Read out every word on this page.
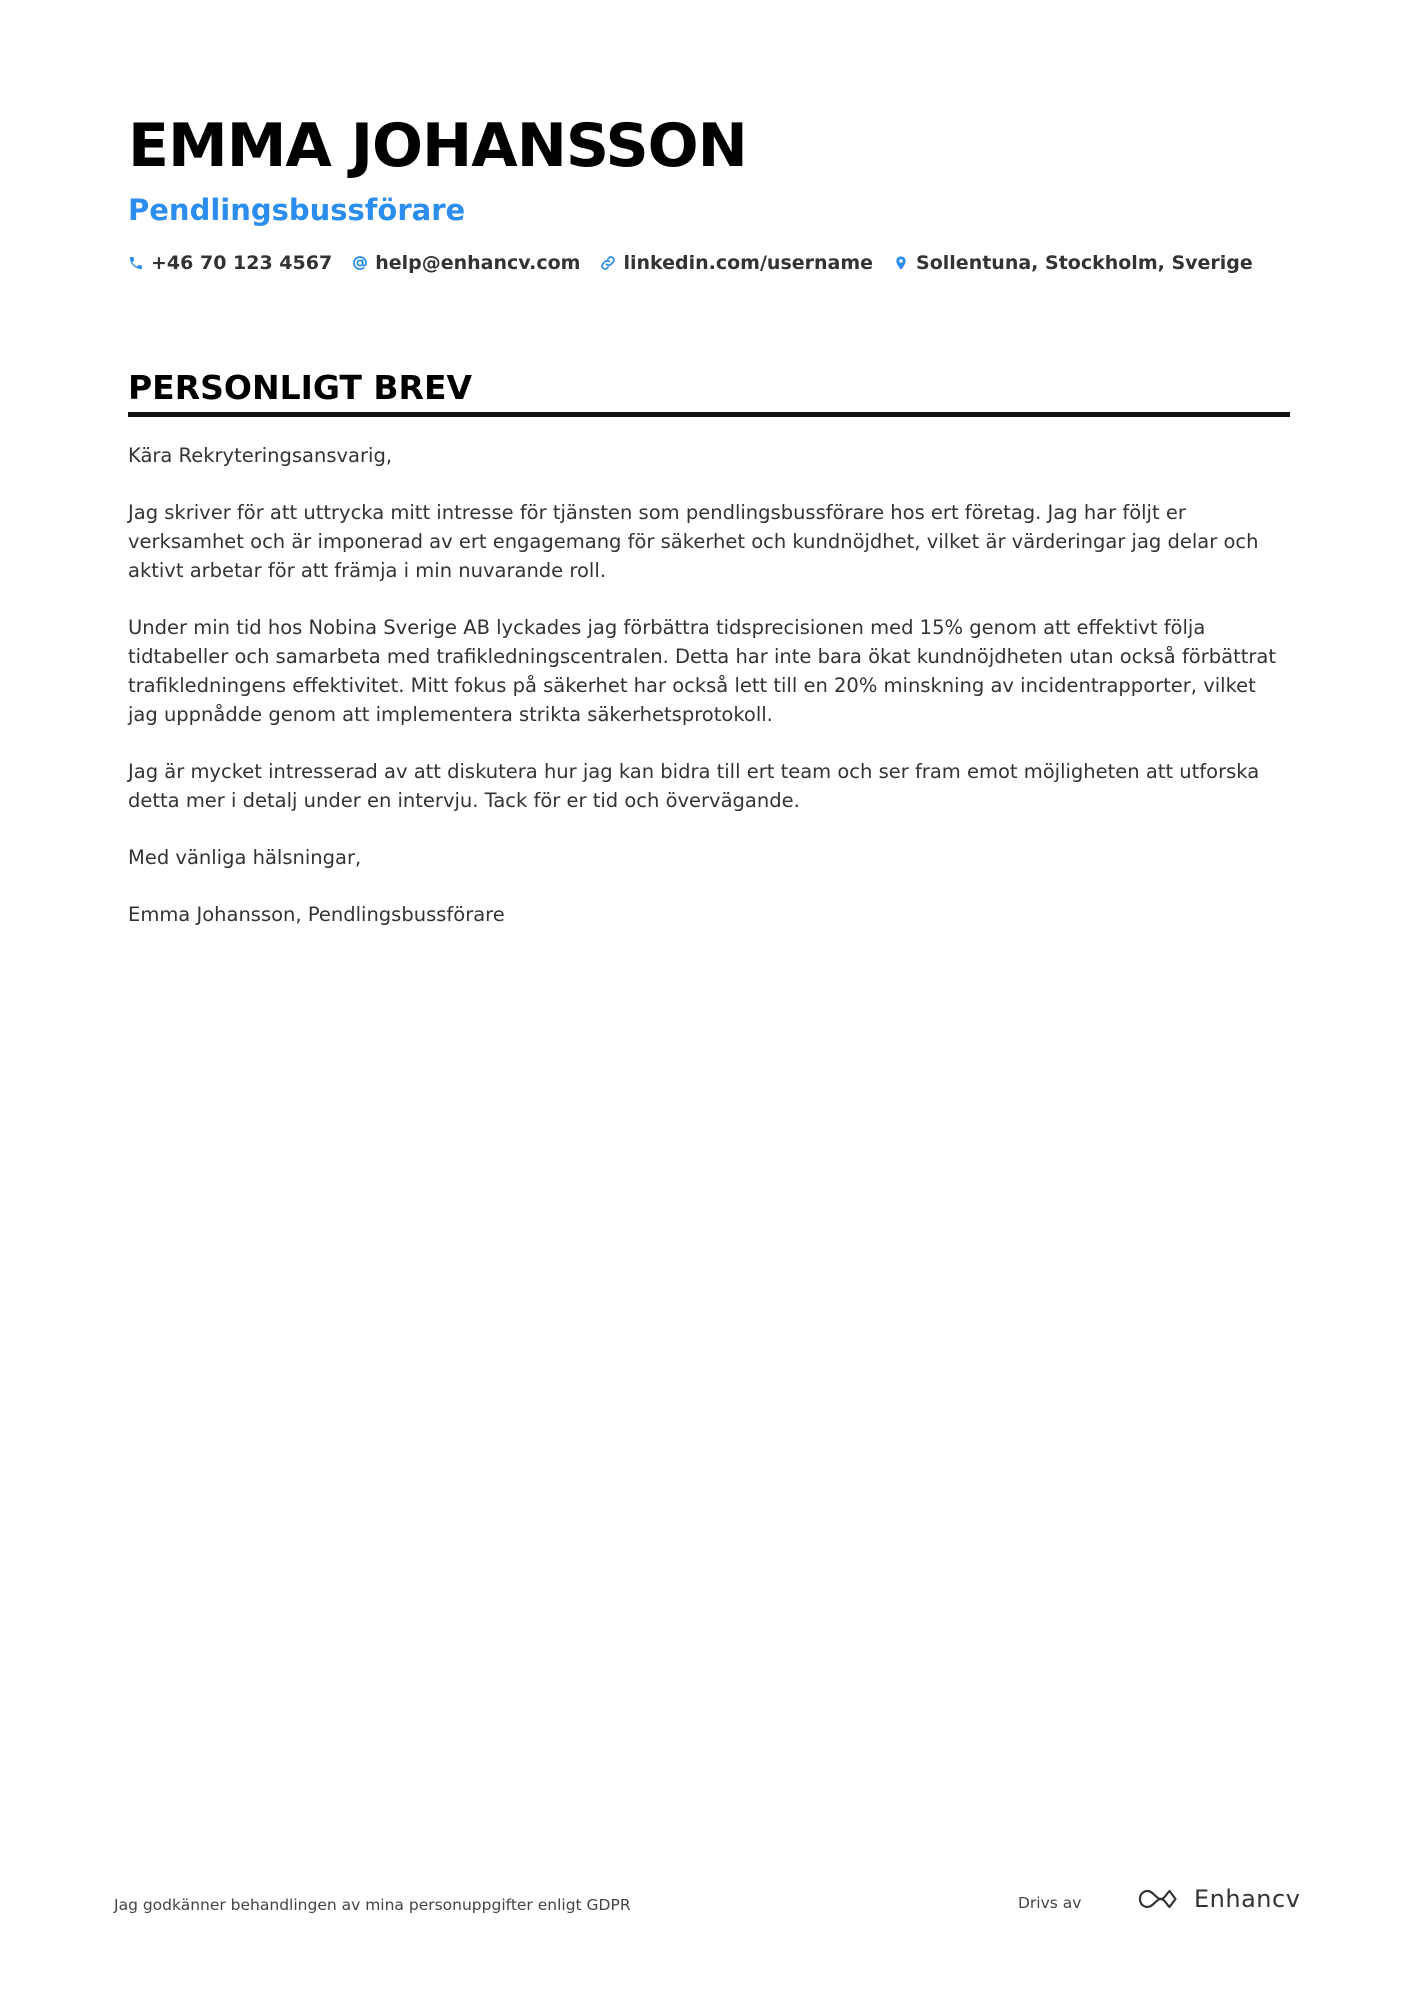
EMMA JOHANSSON
Pendlingsbussförare
+46 70 123 4567 help@enhancv.com linkedin.com/username Sollentuna, Stockholm, Sverige
PERSONLIGT BREV

Kära Rekryteringsansvarig,

Jag skriver för att uttrycka mitt intresse för tjänsten som pendlingsbussförare hos ert företag. Jag har följt er verksamhet och är imponerad av ert engagemang för säkerhet och kundnöjdhet, vilket är värderingar jag delar och aktivt arbetar för att främja i min nuvarande roll.

Under min tid hos Nobina Sverige AB lyckades jag förbättra tidsprecisionen med 15% genom att effektivt följa tidtabeller och samarbeta med trafikledningscentralen. Detta har inte bara ökat kundnöjdheten utan också förbättrat trafikledningens effektivitet. Mitt fokus på säkerhet har också lett till en 20% minskning av incidentrapporter, vilket jag uppnådde genom att implementera strikta säkerhetsprotokoll.

Jag är mycket intresserad av att diskutera hur jag kan bidra till ert team och ser fram emot möjligheten att utforska detta mer i detalj under en intervju. Tack för er tid och övervägande.

Med vänliga hälsningar,

Emma Johansson, Pendlingsbussförare

Jag godkänner behandlingen av mina personuppgifter enligt GDPR	Drivs av	Enhancv
